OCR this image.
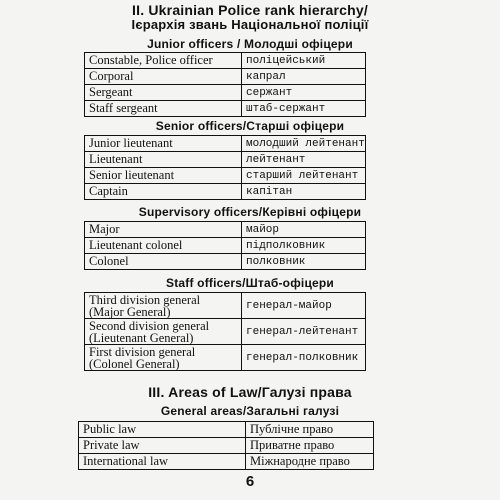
II. Ukrainian Police rank hierarchy/
Ієрархія звань Національної поліції
Junior officers / Молодші офіцери
Constable, Police officer	поліцейський
Corporal	капрал
Sergeant	сержант
Staff sergeant	штаб-сержант
Senior officers/Старші офіцери
Junior lieutenant	молодший лейтенант
Lieutenant	лейтенант
Senior lieutenant	старший лейтенант
Captain	капітан
Supervisory officers/Керівні офіцери
Major	майор
Lieutenant colonel	підполковник
Colonel	полковник
Staff officers/Штаб-офіцери
Third division general
(Major General)	генерал-майор
Second division general
(Lieutenant General)	генерал-лейтенант
First division general
(Colonel General)	генерал-полковник
III. Areas of Law/Галузі права
General areas/Загальні галузі
Public law	Публічне право
Private law	Приватне право
International law	Міжнародне право
6
